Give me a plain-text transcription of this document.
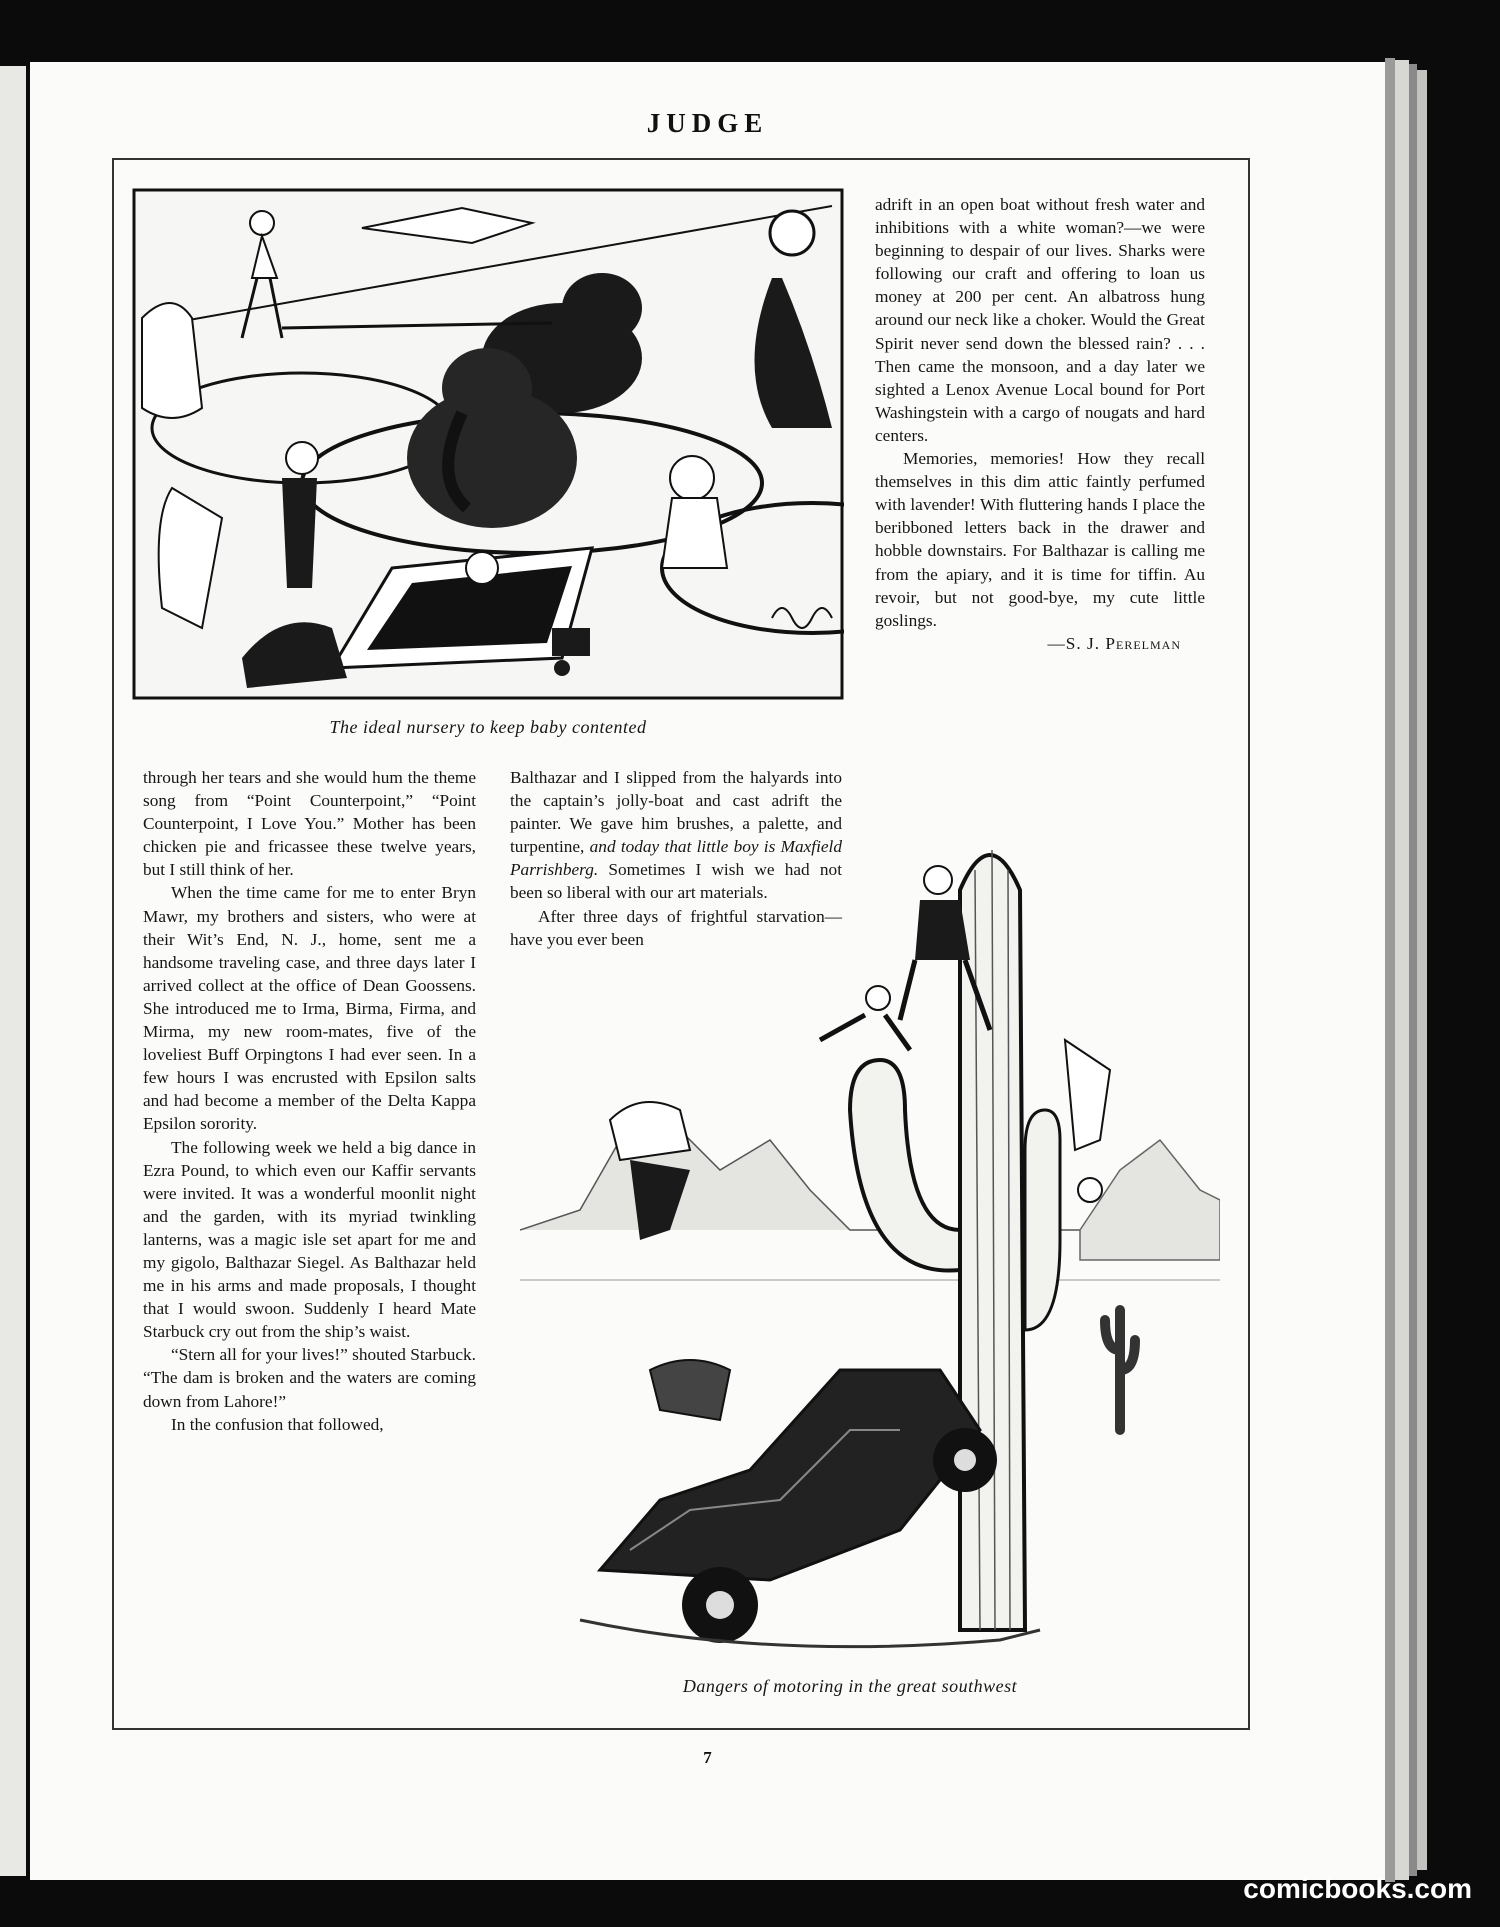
JUDGE
The ideal nursery to keep baby contented

through her tears and she would hum the theme song from “Point Counterpoint,” “Point Counterpoint, I Love You.” Mother has been chicken pie and fricassee these twelve years, but I still think of her.

When the time came for me to enter Bryn Mawr, my brothers and sisters, who were at their Wit’s End, N. J., home, sent me a handsome traveling case, and three days later I arrived collect at the office of Dean Goossens. She introduced me to Irma, Birma, Firma, and Mirma, my new room-mates, five of the loveliest Buff Orpingtons I had ever seen. In a few hours I was encrusted with Epsilon salts and had become a member of the Delta Kappa Epsilon sorority.

The following week we held a big dance in Ezra Pound, to which even our Kaffir servants were invited. It was a wonderful moonlit night and the garden, with its myriad twinkling lanterns, was a magic isle set apart for me and my gigolo, Balthazar Siegel. As Balthazar held me in his arms and made proposals, I thought that I would swoon. Suddenly I heard Mate Starbuck cry out from the ship’s waist.

“Stern all for your lives!” shouted Starbuck. “The dam is broken and the waters are coming down from Lahore!”

In the confusion that followed,

Balthazar and I slipped from the halyards into the captain’s jolly-boat and cast adrift the painter. We gave him brushes, a palette, and turpentine, and today that little boy is Maxfield Parrishberg. Sometimes I wish we had not been so liberal with our art materials.

After three days of frightful starvation—have you ever been

adrift in an open boat without fresh water and inhibitions with a white woman?—we were beginning to despair of our lives. Sharks were following our craft and offering to loan us money at 200 per cent. An albatross hung around our neck like a choker. Would the Great Spirit never send down the blessed rain? . . . Then came the monsoon, and a day later we sighted a Lenox Avenue Local bound for Port Washingstein with a cargo of nougats and hard centers.

Memories, memories! How they recall themselves in this dim attic faintly perfumed with lavender! With fluttering hands I place the beribboned letters back in the drawer and hobble downstairs. For Balthazar is calling me from the apiary, and it is time for tiffin. Au revoir, but not good-bye, my cute little goslings.

—S. J. Perelman

Dangers of motoring in the great southwest
7
comicbooks.com
